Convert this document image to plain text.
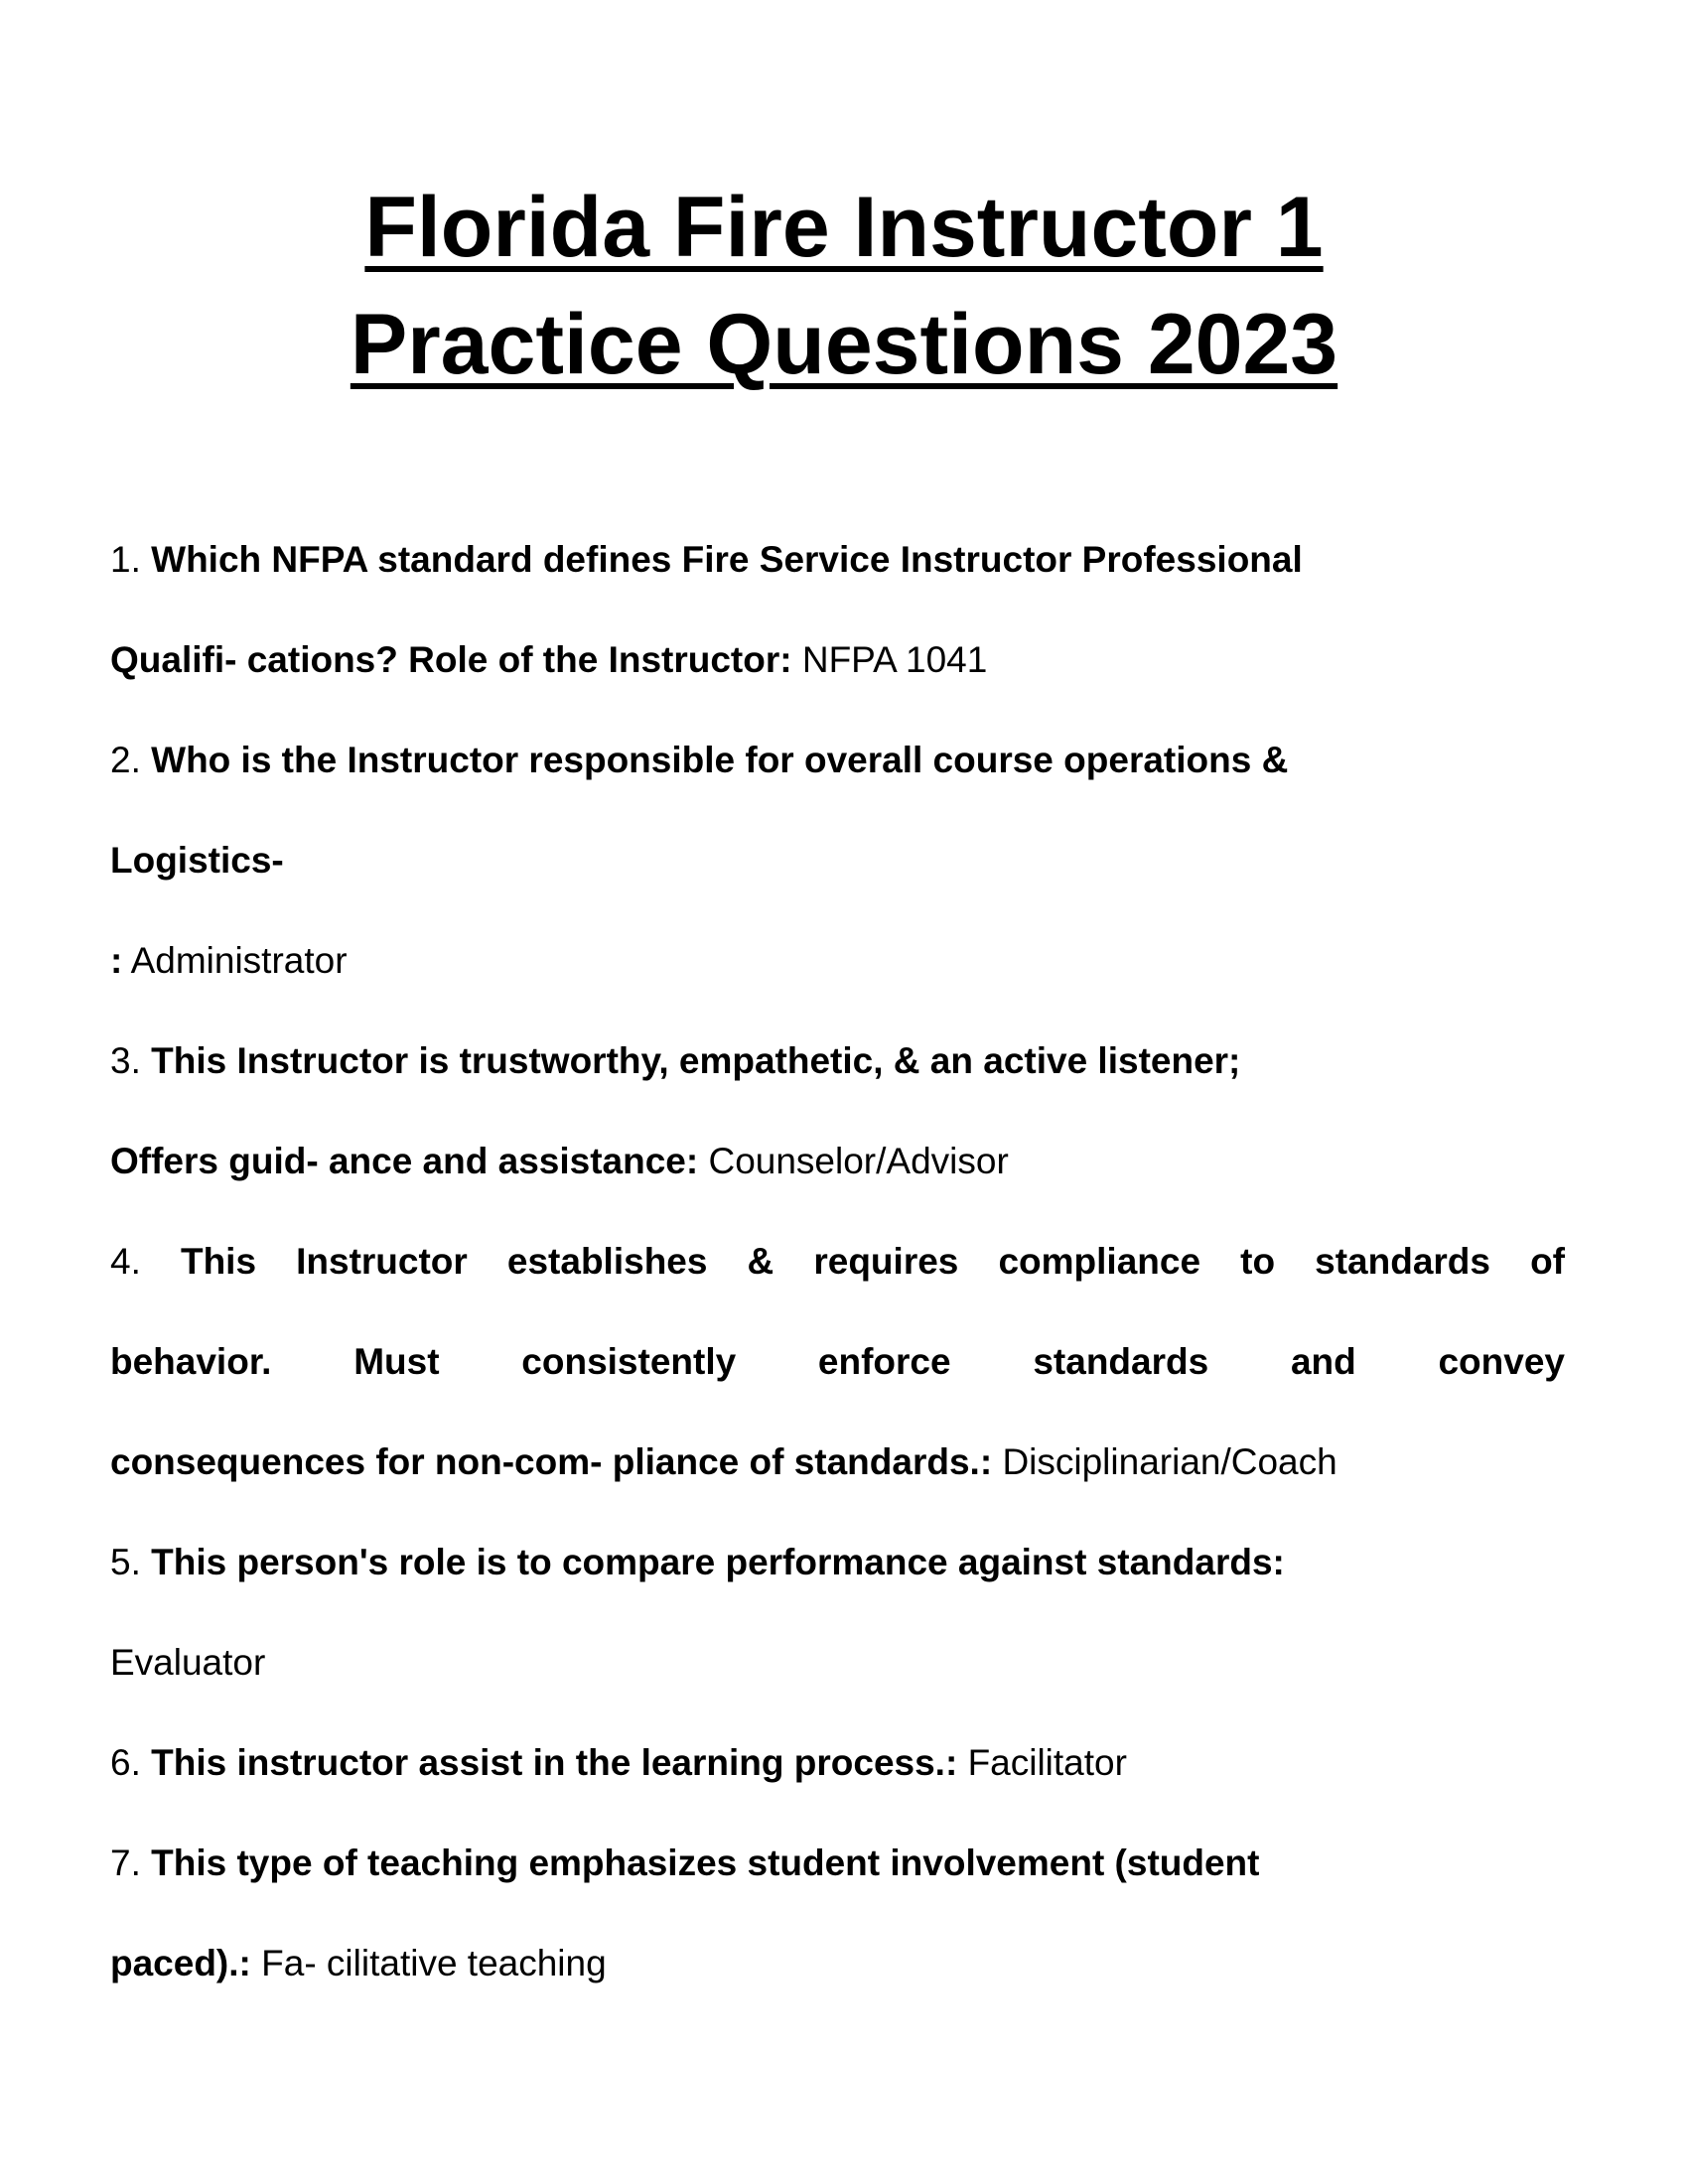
Florida Fire Instructor 1
Practice Questions 2023
1. Which NFPA standard defines Fire Service Instructor Professional
Qualifi- cations? Role of the Instructor: NFPA 1041
2. Who is the Instructor responsible for overall course operations &
Logistics-
: Administrator
3. This Instructor is trustworthy, empathetic, & an active listener;
Offers guid- ance and assistance: Counselor/Advisor
4. This Instructor establishes & requires compliance to standards of
behavior. Must consistently enforce standards and convey
consequences for non-com- pliance of standards.: Disciplinarian/Coach
5. This person's role is to compare performance against standards:
Evaluator
6. This instructor assist in the learning process.: Facilitator
7. This type of teaching emphasizes student involvement (student
paced).: Fa- cilitative teaching
